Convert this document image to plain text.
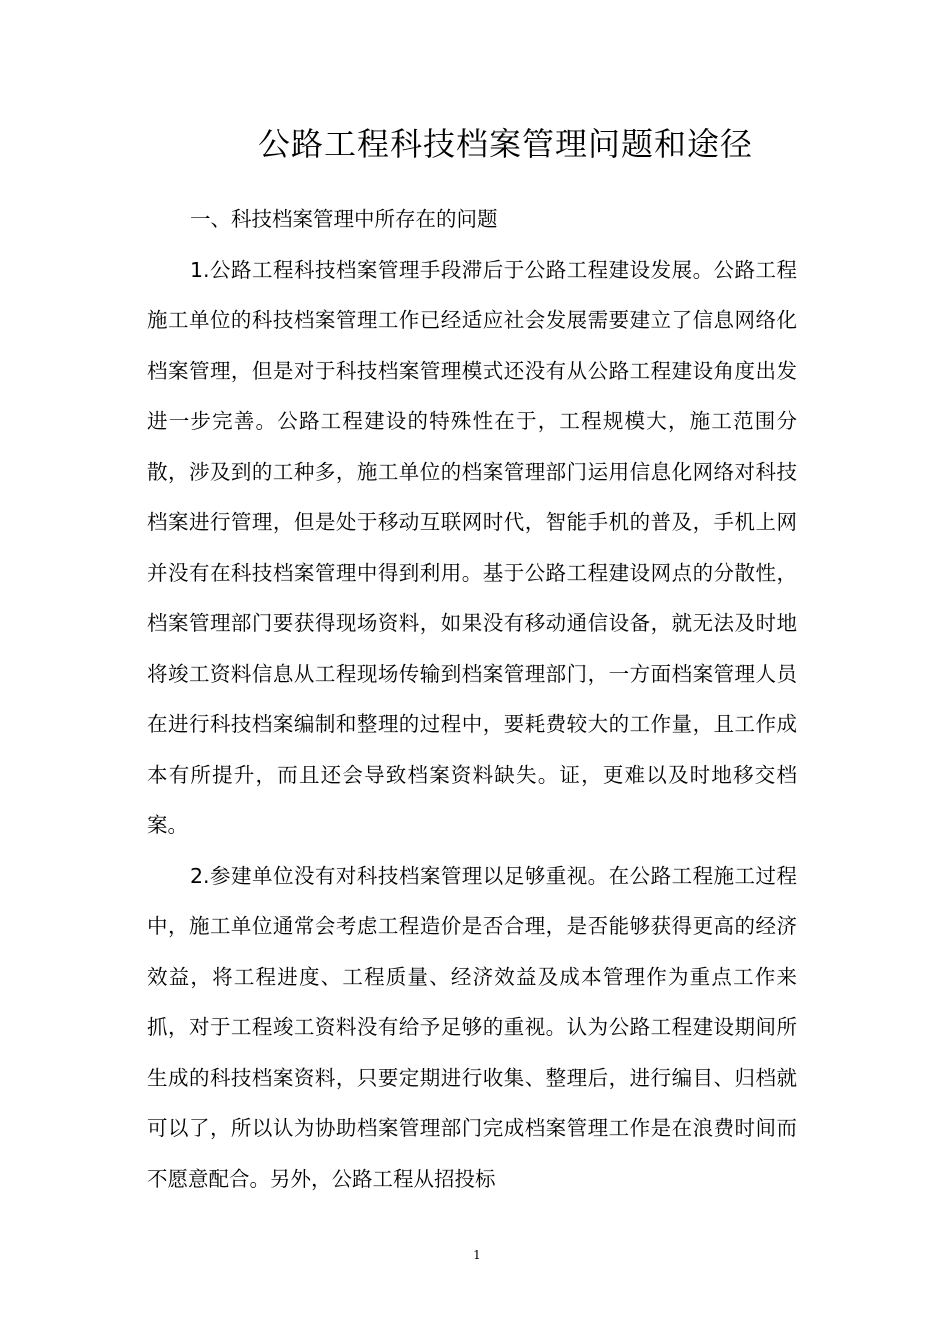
公路工程科技档案管理问题和途径

一、科技档案管理中所存在的问题

1.公路工程科技档案管理手段滞后于公路工程建设发展。公路工程施工单位的科技档案管理工作已经适应社会发展需要建立了信息网络化档案管理，但是对于科技档案管理模式还没有从公路工程建设角度出发进一步完善。公路工程建设的特殊性在于，工程规模大，施工范围分散，涉及到的工种多，施工单位的档案管理部门运用信息化网络对科技档案进行管理，但是处于移动互联网时代，智能手机的普及，手机上网并没有在科技档案管理中得到利用。基于公路工程建设网点的分散性，档案管理部门要获得现场资料，如果没有移动通信设备，就无法及时地将竣工资料信息从工程现场传输到档案管理部门，一方面档案管理人员在进行科技档案编制和整理的过程中，要耗费较大的工作量，且工作成本有所提升，而且还会导致档案资料缺失。证，更难以及时地移交档案。

2.参建单位没有对科技档案管理以足够重视。在公路工程施工过程中，施工单位通常会考虑工程造价是否合理，是否能够获得更高的经济效益，将工程进度、工程质量、经济效益及成本管理作为重点工作来抓，对于工程竣工资料没有给予足够的重视。认为公路工程建设期间所生成的科技档案资料，只要定期进行收集、整理后，进行编目、归档就可以了，所以认为协助档案管理部门完成档案管理工作是在浪费时间而不愿意配合。另外，公路工程从招投标

1
